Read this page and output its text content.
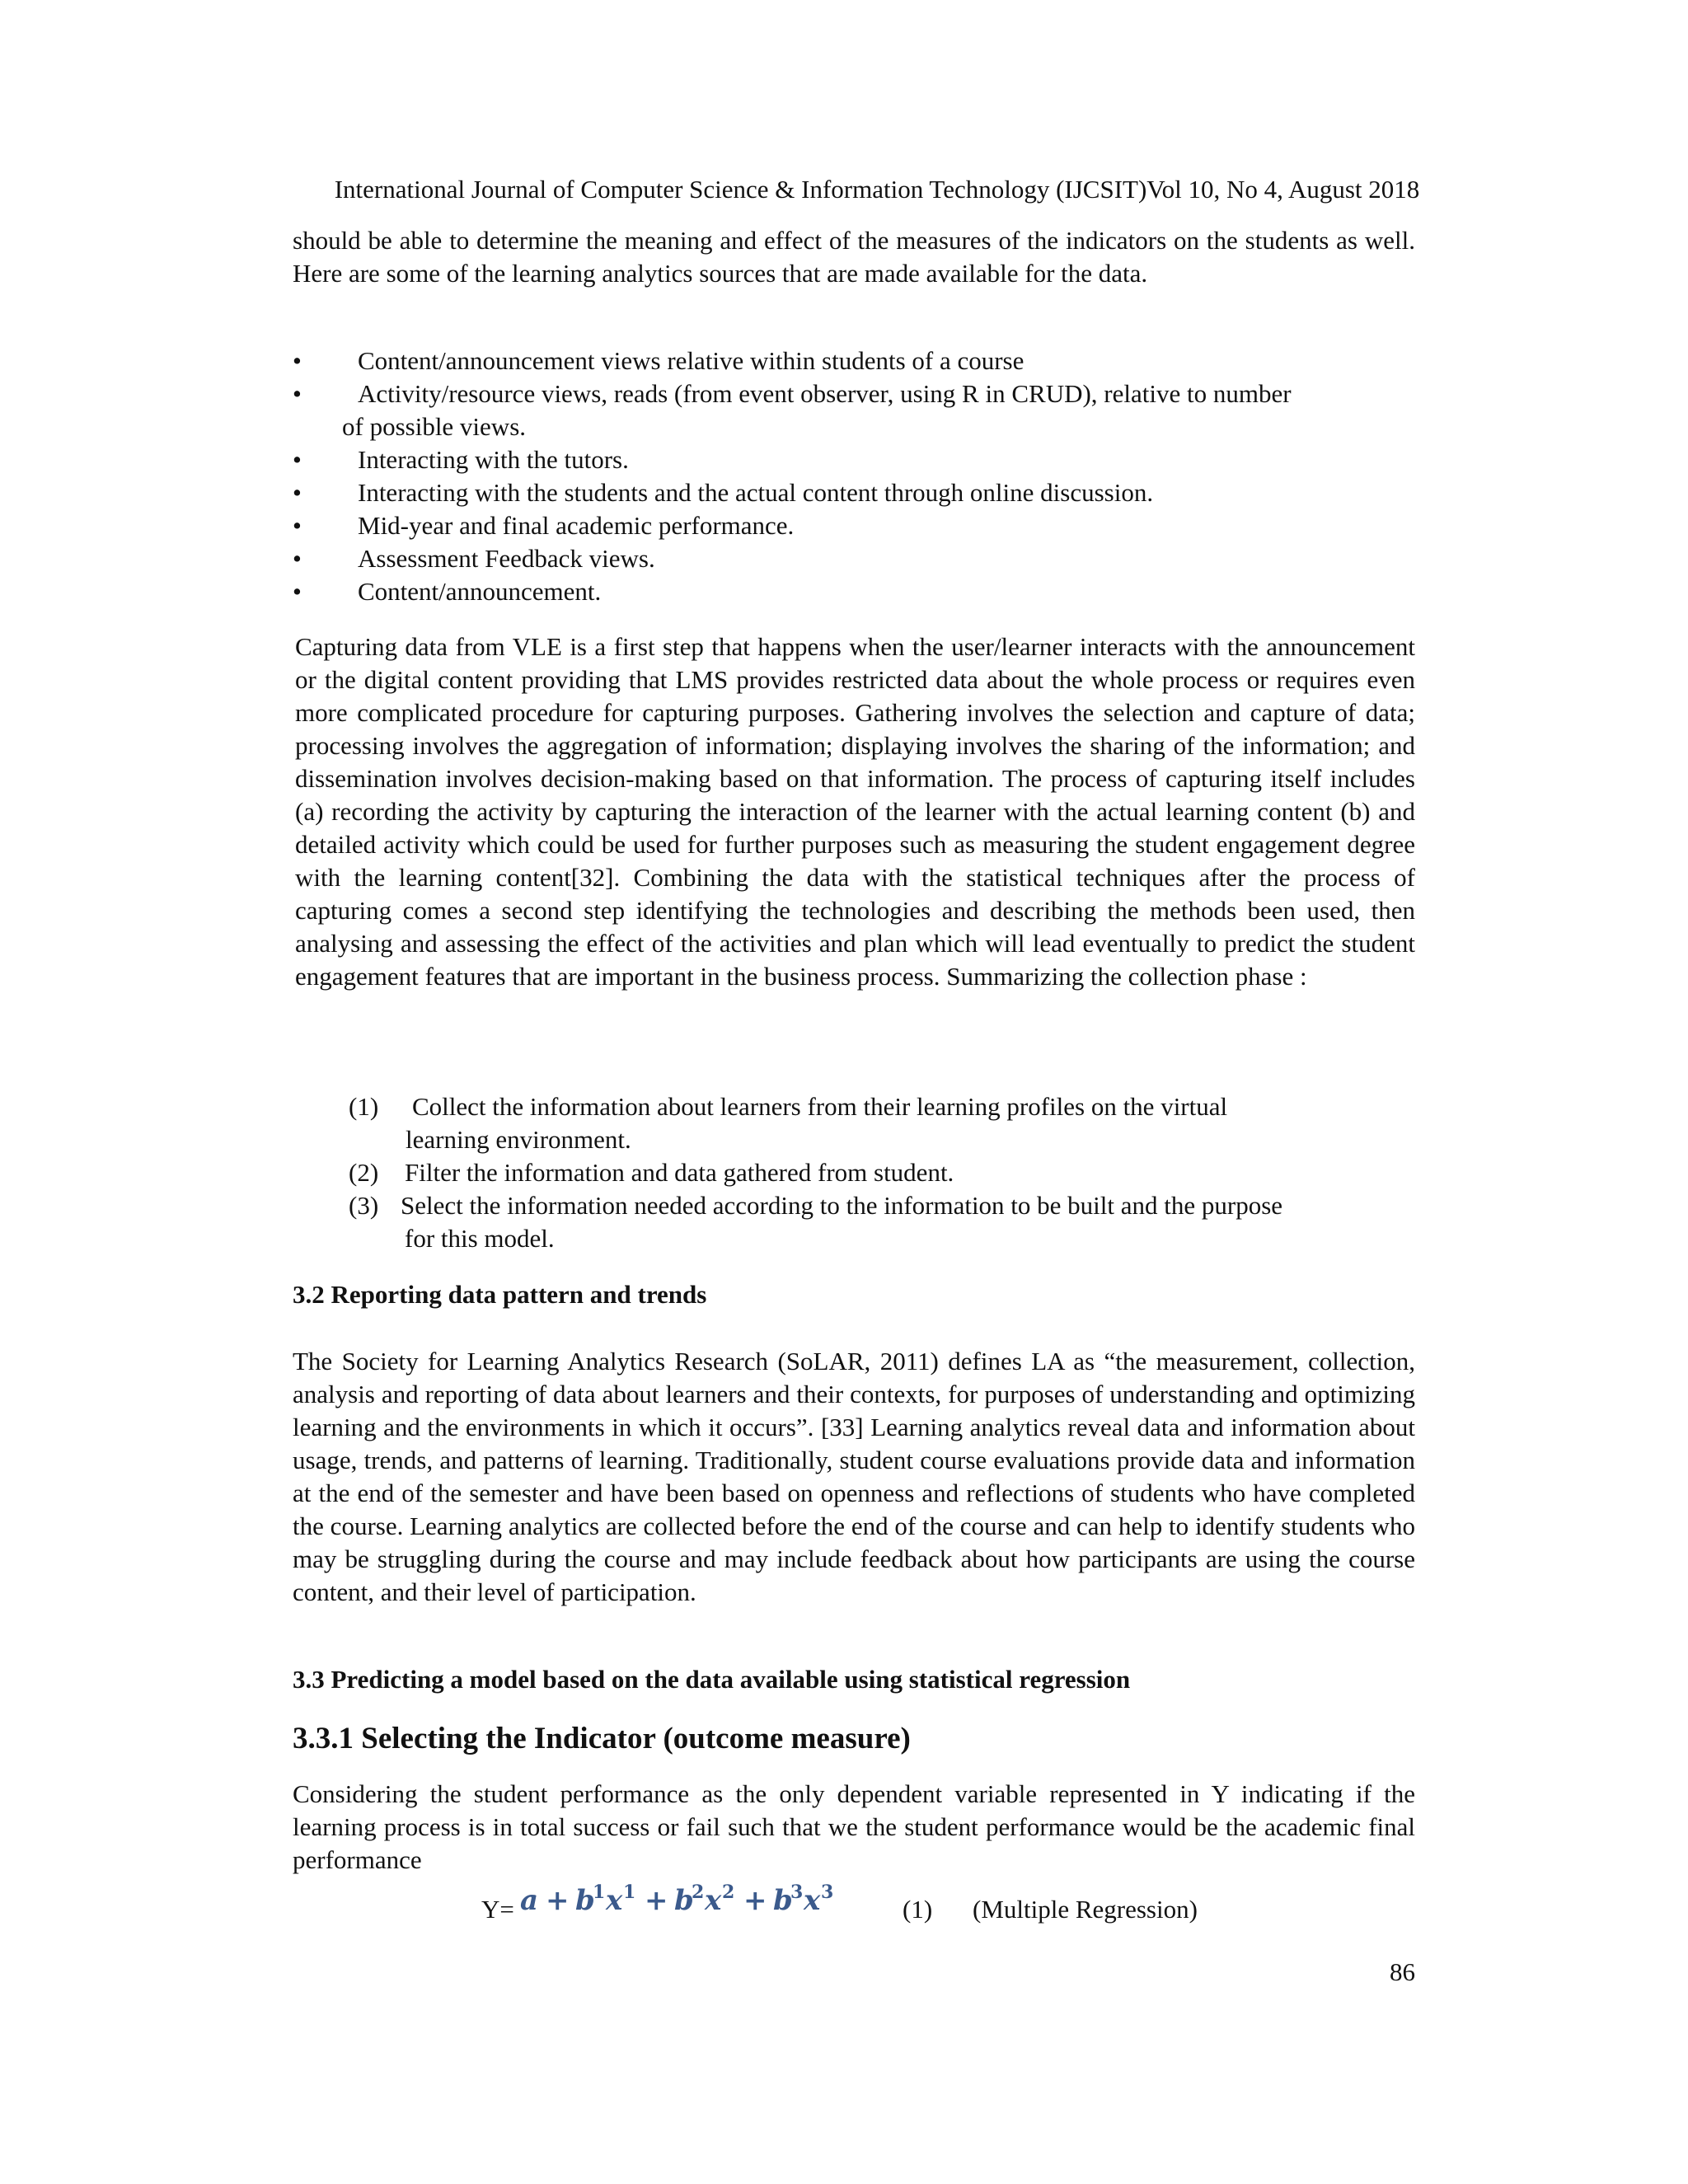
International Journal of Computer Science & Information Technology (IJCSIT)Vol 10, No 4, August 2018

should be able to determine the meaning and effect of the measures of the indicators on the students as well. Here are some of the learning analytics sources that are made available for the data.

•	Content/announcement views relative within students of a course
•	Activity/resource views, reads (from event observer, using R in CRUD), relative to number
of possible views.
•	Interacting with the tutors.
•	Interacting with the students and the actual content through online discussion.
•	Mid-year and final academic performance.
•	Assessment Feedback views.
•	Content/announcement.

Capturing data from VLE is a first step that happens when the user/learner interacts with the announcement or the digital content providing that LMS provides restricted data about the whole process or requires even more complicated procedure for capturing purposes. Gathering involves the selection and capture of data; processing involves the aggregation of information; displaying involves the sharing of the information; and dissemination involves decision-making based on that information. The process of capturing itself includes (a) recording the activity by capturing the interaction of the learner with the actual learning content (b) and detailed activity which could be used for further purposes such as measuring the student engagement degree with the learning content[32]. Combining the data with the statistical techniques after the process of capturing comes a second step identifying the technologies and describing the methods been used, then analysing and assessing the effect of the activities and plan which will lead eventually to predict the student engagement features that are important in the business process. Summarizing the collection phase :

(1) Collect the information about learners from their learning profiles on the virtual
learning environment.
(2) Filter the information and data gathered from student.
(3) Select the information needed according to the information to be built and the purpose
for this model.
3.2 Reporting data pattern and trends

The Society for Learning Analytics Research (SoLAR, 2011) defines LA as “the measurement, collection, analysis and reporting of data about learners and their contexts, for purposes of understanding and optimizing learning and the environments in which it occurs”. [33] Learning analytics reveal data and information about usage, trends, and patterns of learning. Traditionally, student course evaluations provide data and information at the end of the semester and have been based on openness and reflections of students who have completed the course. Learning analytics are collected before the end of the course and can help to identify students who may be struggling during the course and may include feedback about how participants are using the course content, and their level of participation.

3.3 Predicting a model based on the data available using statistical regression
3.3.1 Selecting the Indicator (outcome measure)

Considering the student performance as the only dependent variable represented in Y indicating if the learning process is in total success or fail such that we the student performance would be the academic final performance

Y= a + b
1 x 1 + b
2 x 2 + b
3 x 3
(1) (Multiple Regression)
86
